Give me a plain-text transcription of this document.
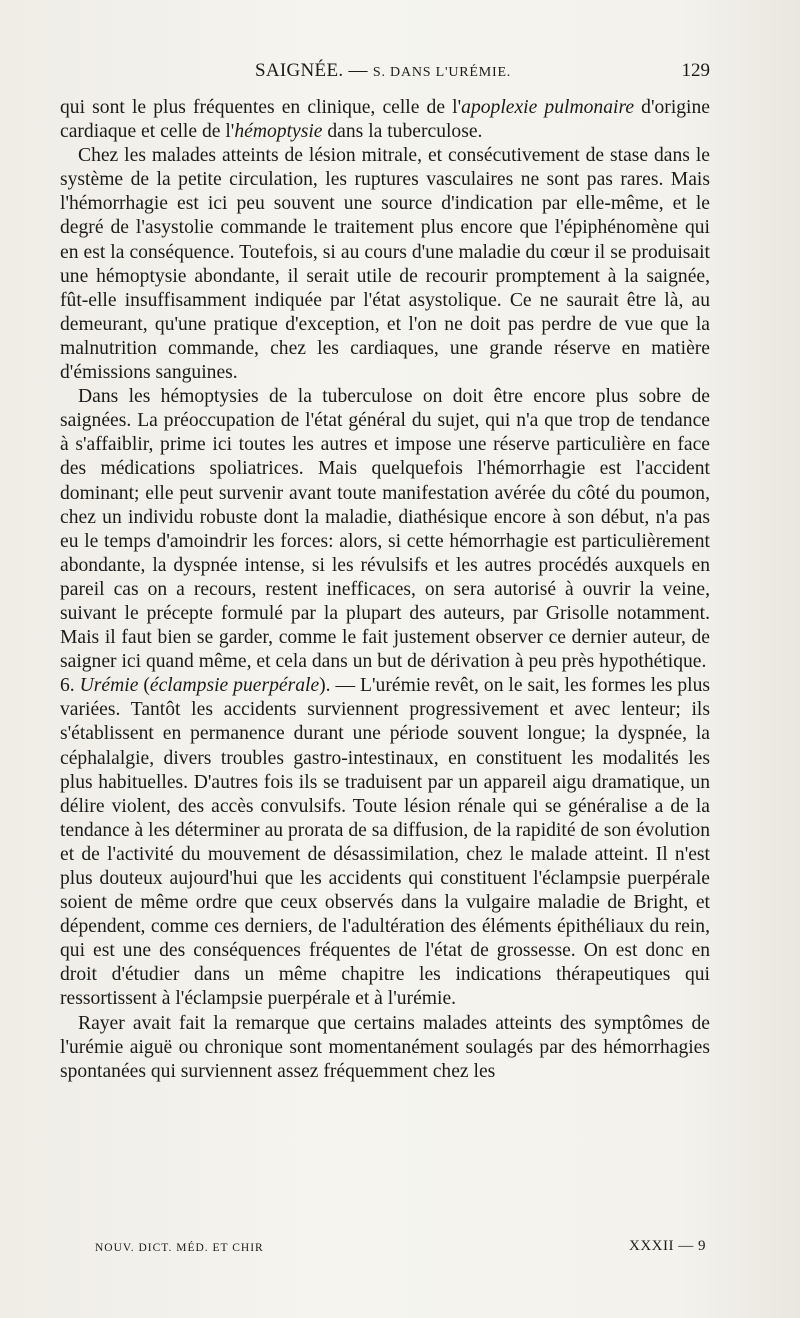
SAIGNÉE. — S. DANS L'URÉMIE.	129

qui sont le plus fréquentes en clinique, celle de l'apoplexie pulmonaire d'origine cardiaque et celle de l'hémoptysie dans la tuberculose.

Chez les malades atteints de lésion mitrale, et consécutivement de stase dans le système de la petite circulation, les ruptures vasculaires ne sont pas rares. Mais l'hémorrhagie est ici peu souvent une source d'indication par elle-même, et le degré de l'asystolie commande le traitement plus encore que l'épiphénomène qui en est la conséquence. Toutefois, si au cours d'une maladie du cœur il se produisait une hémoptysie abondante, il serait utile de recourir promptement à la saignée, fût-elle insuffisamment indiquée par l'état asystolique. Ce ne saurait être là, au demeurant, qu'une pratique d'exception, et l'on ne doit pas perdre de vue que la malnutrition commande, chez les cardiaques, une grande réserve en matière d'émissions sanguines.

Dans les hémoptysies de la tuberculose on doit être encore plus sobre de saignées. La préoccupation de l'état général du sujet, qui n'a que trop de tendance à s'affaiblir, prime ici toutes les autres et impose une réserve particulière en face des médications spoliatrices. Mais quelquefois l'hémorrhagie est l'accident dominant; elle peut survenir avant toute manifestation avérée du côté du poumon, chez un individu robuste dont la maladie, diathésique encore à son début, n'a pas eu le temps d'amoindrir les forces: alors, si cette hémorrhagie est particulièrement abondante, la dyspnée intense, si les révulsifs et les autres procédés auxquels en pareil cas on a recours, restent inefficaces, on sera autorisé à ouvrir la veine, suivant le précepte formulé par la plupart des auteurs, par Grisolle notamment. Mais il faut bien se garder, comme le fait justement observer ce dernier auteur, de saigner ici quand même, et cela dans un but de dérivation à peu près hypothétique.

6. Urémie (éclampsie puerpérale). — L'urémie revêt, on le sait, les formes les plus variées. Tantôt les accidents surviennent progressivement et avec lenteur; ils s'établissent en permanence durant une période souvent longue; la dyspnée, la céphalalgie, divers troubles gastro-intestinaux, en constituent les modalités les plus habituelles. D'autres fois ils se traduisent par un appareil aigu dramatique, un délire violent, des accès convulsifs. Toute lésion rénale qui se généralise a de la tendance à les déterminer au prorata de sa diffusion, de la rapidité de son évolution et de l'activité du mouvement de désassimilation, chez le malade atteint. Il n'est plus douteux aujourd'hui que les accidents qui constituent l'éclampsie puerpérale soient de même ordre que ceux observés dans la vulgaire maladie de Bright, et dépendent, comme ces derniers, de l'adultération des éléments épithéliaux du rein, qui est une des conséquences fréquentes de l'état de grossesse. On est donc en droit d'étudier dans un même chapitre les indications thérapeutiques qui ressortissent à l'éclampsie puerpérale et à l'urémie.

Rayer avait fait la remarque que certains malades atteints des symptômes de l'urémie aiguë ou chronique sont momentanément soulagés par des hémorrhagies spontanées qui surviennent assez fréquemment chez les

NOUV. DICT. MÉD. ET CHIR	XXXII — 9
